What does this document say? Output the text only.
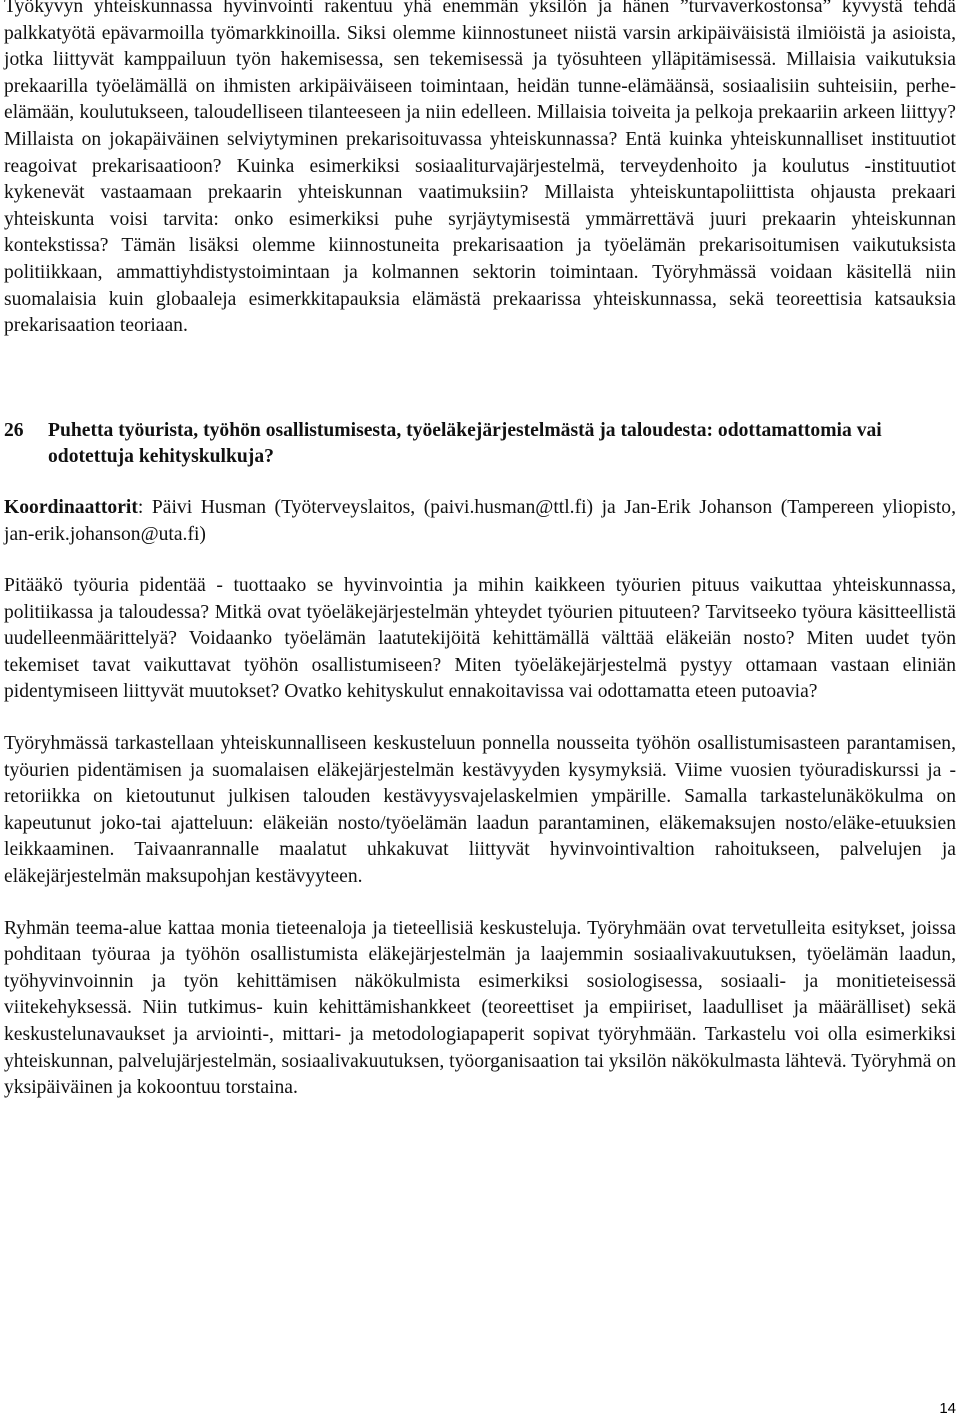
Työkyvyn yhteiskunnassa hyvinvointi rakentuu yhä enemmän yksilön ja hänen ”turvaverkostonsa” kyvystä tehdä palkkatyötä epävarmoilla työmarkkinoilla. Siksi olemme kiinnostuneet niistä varsin arkipäiväisistä ilmiöistä ja asioista, jotka liittyvät kamppailuun työn hakemisessa, sen tekemisessä ja työsuhteen ylläpitämisessä. Millaisia vaikutuksia prekaarilla työelämällä on ihmisten arkipäiväiseen toimintaan, heidän tunne-elämäänsä, sosiaalisiin suhteisiin, perhe-elämään, koulutukseen, taloudelliseen tilanteeseen ja niin edelleen. Millaisia toiveita ja pelkoja prekaariin arkeen liittyy? Millaista on jokapäiväinen selviytyminen prekarisoituvassa yhteiskunnassa? Entä kuinka yhteiskunnalliset instituutiot reagoivat prekarisaatioon? Kuinka esimerkiksi sosiaaliturvajärjestelmä, terveydenhoito ja koulutus -instituutiot kykenevät vastaamaan prekaarin yhteiskunnan vaatimuksiin? Millaista yhteiskuntapoliittista ohjausta prekaari yhteiskunta voisi tarvita: onko esimerkiksi puhe syrjäytymisestä ymmärrettävä juuri prekaarin yhteiskunnan kontekstissa? Tämän lisäksi olemme kiinnostuneita prekarisaation ja työelämän prekarisoitumisen vaikutuksista politiikkaan, ammattiyhdistystoimintaan ja kolmannen sektorin toimintaan. Työryhmässä voidaan käsitellä niin suomalaisia kuin globaaleja esimerkkitapauksia elämästä prekaarissa yhteiskunnassa, sekä teoreettisia katsauksia prekarisaation teoriaan.

26	Puhetta työurista, työhön osallistumisesta, työeläkejärjestelmästä ja taloudesta: odottamattomia vai odotettuja kehityskulkuja?

Koordinaattorit: Päivi Husman (Työterveyslaitos, (paivi.husman@ttl.fi) ja Jan-Erik Johanson (Tampereen yliopisto, jan-erik.johanson@uta.fi)

Pitääkö työuria pidentää - tuottaako se hyvinvointia ja mihin kaikkeen työurien pituus vaikuttaa yhteiskunnassa, politiikassa ja taloudessa? Mitkä ovat työeläkejärjestelmän yhteydet työurien pituuteen? Tarvitseeko työura käsitteellistä uudelleenmäärittelyä? Voidaanko työelämän laatutekijöitä kehittämällä välttää eläkeiän nosto? Miten uudet työn tekemiset tavat vaikuttavat työhön osallistumiseen? Miten työeläkejärjestelmä pystyy ottamaan vastaan eliniän pidentymiseen liittyvät muutokset? Ovatko kehityskulut ennakoitavissa vai odottamatta eteen putoavia?

Työryhmässä tarkastellaan yhteiskunnalliseen keskusteluun ponnella nousseita työhön osallistumisasteen parantamisen, työurien pidentämisen ja suomalaisen eläkejärjestelmän kestävyyden kysymyksiä. Viime vuosien työuradiskurssi ja -retoriikka on kietoutunut julkisen talouden kestävyysvajelaskelmien ympärille. Samalla tarkastelunäkökulma on kapeutunut joko-tai ajatteluun: eläkeiän nosto/työelämän laadun parantaminen, eläkemaksujen nosto/eläke-etuuksien leikkaaminen. Taivaanrannalle maalatut uhkakuvat liittyvät hyvinvointivaltion rahoitukseen, palvelujen ja eläkejärjestelmän maksupohjan kestävyyteen.

Ryhmän teema-alue kattaa monia tieteenaloja ja tieteellisiä keskusteluja. Työryhmään ovat tervetulleita esitykset, joissa pohditaan työuraa ja työhön osallistumista eläkejärjestelmän ja laajemmin sosiaalivakuutuksen, työelämän laadun, työhyvinvoinnin ja työn kehittämisen näkökulmista esimerkiksi sosiologisessa, sosiaali- ja monitieteisessä viitekehyksessä. Niin tutkimus- kuin kehittämishankkeet (teoreettiset ja empiiriset, laadulliset ja määrälliset) sekä keskustelunavaukset ja arviointi-, mittari- ja metodologiapaperit sopivat työryhmään. Tarkastelu voi olla esimerkiksi yhteiskunnan, palvelujärjestelmän, sosiaalivakuutuksen, työorganisaation tai yksilön näkökulmasta lähtevä. Työryhmä on yksipäiväinen ja kokoontuu torstaina.

14
